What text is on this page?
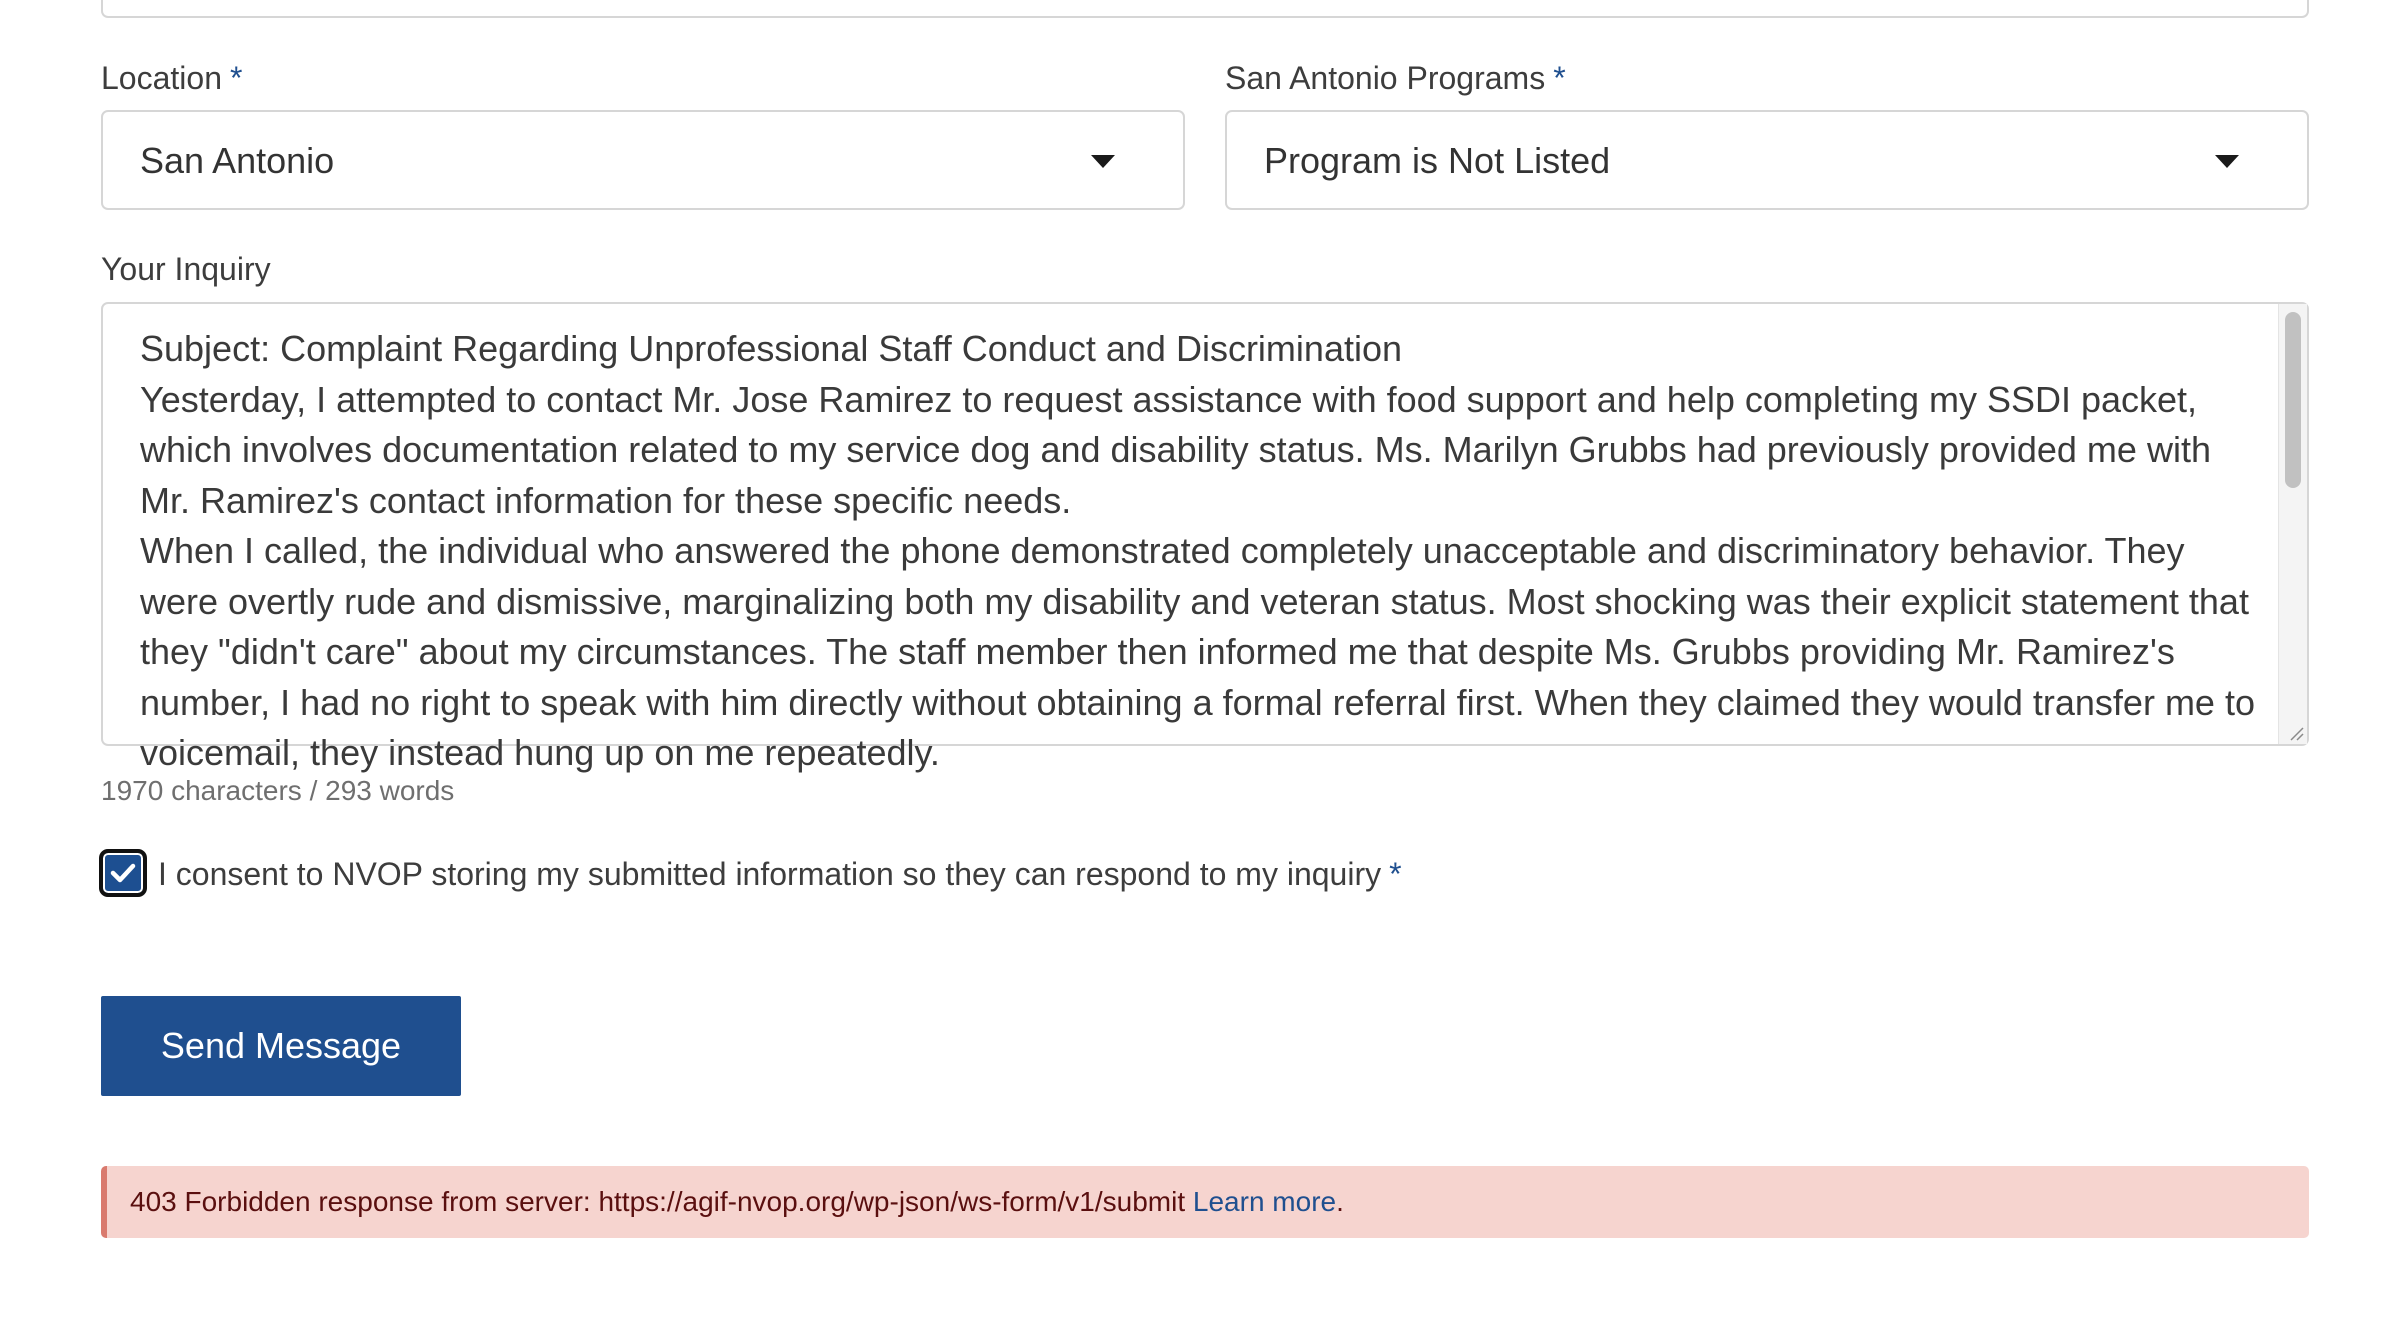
Location *
San Antonio
San Antonio Programs *
Program is Not Listed
Your Inquiry

Subject: Complaint Regarding Unprofessional Staff Conduct and Discrimination

Yesterday, I attempted to contact Mr. Jose Ramirez to request assistance with food support and help completing my SSDI packet, which involves documentation related to my service dog and disability status. Ms. Marilyn Grubbs had previously provided me with Mr. Ramirez's contact information for these specific needs.

When I called, the individual who answered the phone demonstrated completely unacceptable and discriminatory behavior. They were overtly rude and dismissive, marginalizing both my disability and veteran status. Most shocking was their explicit statement that they "didn't care" about my circumstances. The staff member then informed me that despite Ms. Grubbs providing Mr. Ramirez's number, I had no right to speak with him directly without obtaining a formal referral first. When they claimed they would transfer me to voicemail, they instead hung up on me repeatedly.

1970 characters / 293 words
I consent to NVOP storing my submitted information so they can respond to my inquiry *
Send Message
403 Forbidden response from server: https://agif-nvop.org/wp-json/ws-form/v1/submit Learn more.
